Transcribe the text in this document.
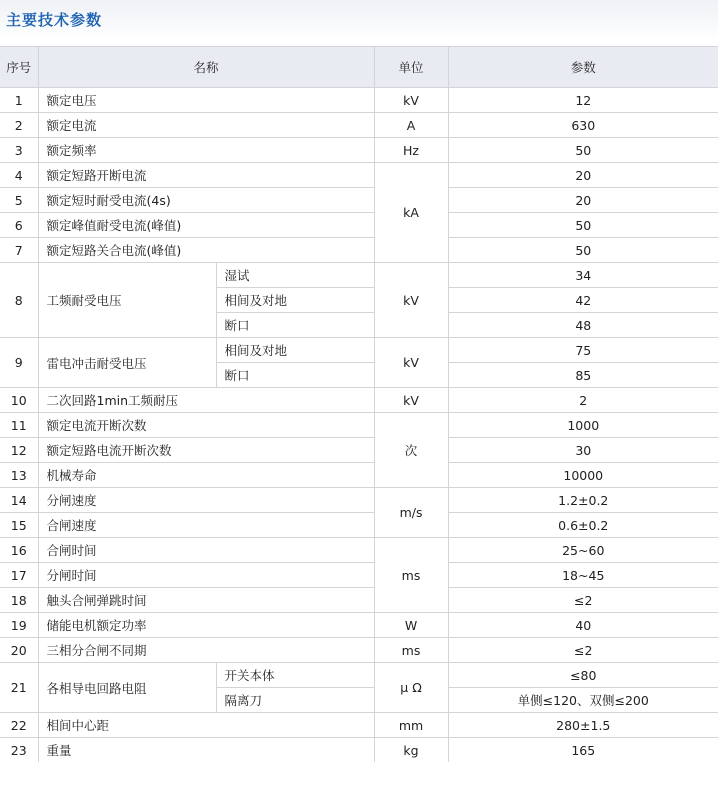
主要技术参数
序号	名称		单位	参数
1	额定电压		kV	12
2	额定电流		A	630
3	额定频率		Hz	50
4	额定短路开断电流		kA	20
5	额定短时耐受电流(4s)			20
6	额定峰值耐受电流(峰值)			50
7	额定短路关合电流(峰值)			50
8	工频耐受电压	湿试	kV	34
		相间及对地		42
		断口		48
9	雷电冲击耐受电压	相间及对地	kV	75
		断口		85
10	二次回路1min工频耐压		kV	2
11	额定电流开断次数		次	1000
12	额定短路电流开断次数			30
13	机械寿命			10000
14	分闸速度		m/s	1.2±0.2
15	合闸速度			0.6±0.2
16	合闸时间		ms	25~60
17	分闸时间			18~45
18	触头合闸弹跳时间			≤2
19	储能电机额定功率		W	40
20	三相分合闸不同期		ms	≤2
21	各相导电回路电阻	开关本体	μ Ω	≤80
		隔离刀		单侧≤120、双侧≤200
22	相间中心距		mm	280±1.5
23	重量		kg	165
